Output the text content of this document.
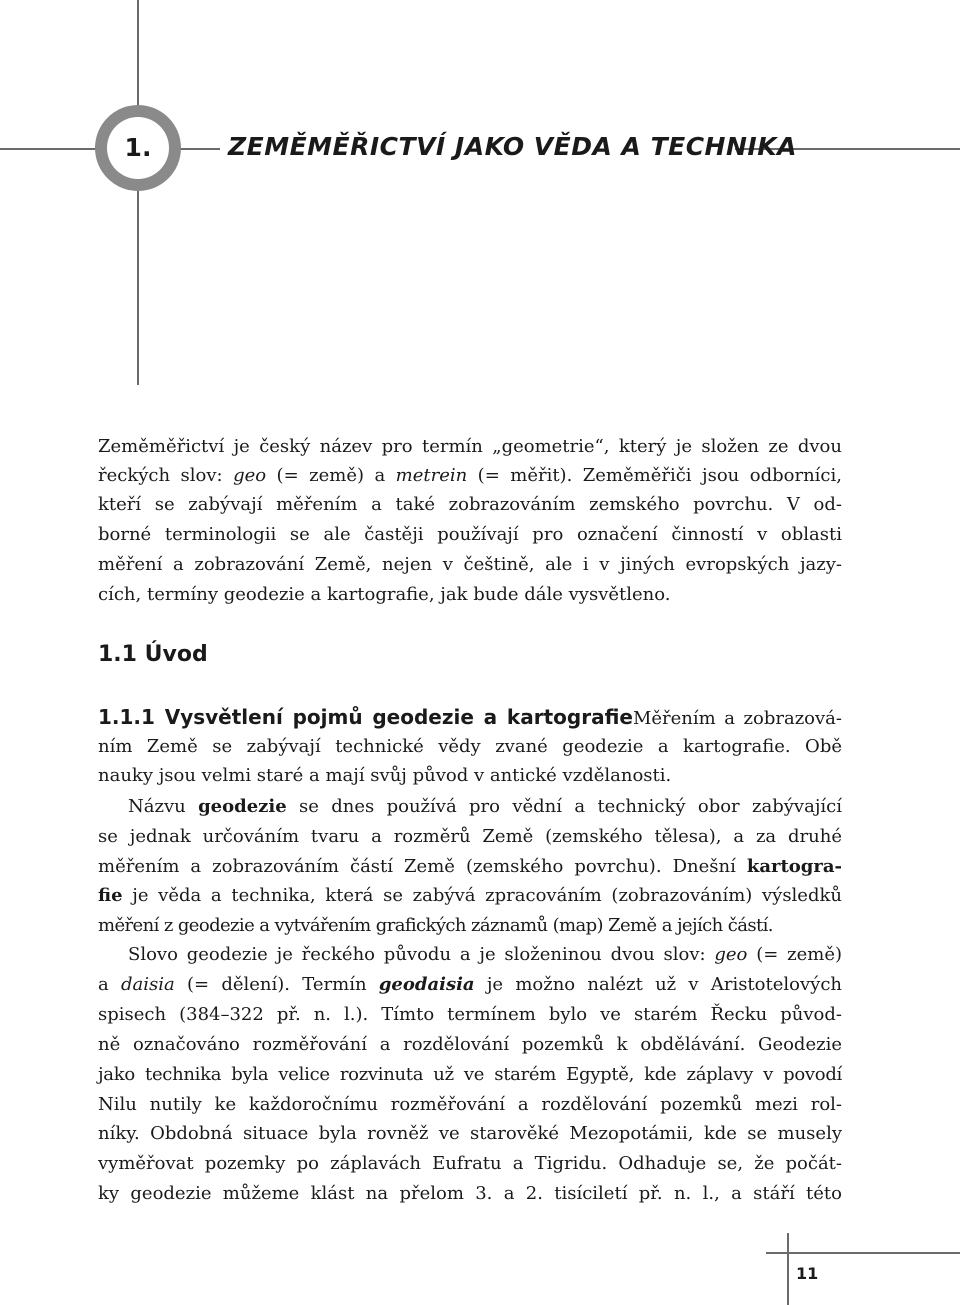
1.	ZEMĚMĚŘICTVÍ JAKO VĚDA A TECHNIKA
Zeměměřictví je český název pro termín „geometrie“, který je složen ze dvou
řeckých slov: geo (= země) a metrein (= měřit). Zeměměřiči jsou odborníci,
kteří se zabývají měřením a také zobrazováním zemského povrchu. V od-
borné terminologii se ale častěji používají pro označení činností v oblasti
měření a zobrazování Země, nejen v češtině, ale i v jiných evropských jazy-
cích, termíny geodezie a kartografie, jak bude dále vysvětleno.
1.1 Úvod
1.1.1 Vysvětlení pojmů geodezie a kartografieMěřením a zobrazová-
ním Země se zabývají technické vědy zvané geodezie a kartografie. Obě
nauky jsou velmi staré a mají svůj původ v antické vzdělanosti.
Názvu geodezie se dnes používá pro vědní a technický obor zabývající
se jednak určováním tvaru a rozměrů Země (zemského tělesa), a za druhé
měřením a zobrazováním částí Země (zemského povrchu). Dnešní kartogra-
fie je věda a technika, která se zabývá zpracováním (zobrazováním) výsledků
měření z geodezie a vytvářením grafických záznamů (map) Země a jejích částí.
Slovo geodezie je řeckého původu a je složeninou dvou slov: geo (= země)
a daisia (= dělení). Termín geodaisia je možno nalézt už v Aristotelových
spisech (384–322 př. n. l.). Tímto termínem bylo ve starém Řecku původ-
ně označováno rozměřování a rozdělování pozemků k obdělávání. Geodezie
jako technika byla velice rozvinuta už ve starém Egyptě, kde záplavy v povodí
Nilu nutily ke každoročnímu rozměřování a rozdělování pozemků mezi rol-
níky. Obdobná situace byla rovněž ve starověké Mezopotámii, kde se musely
vyměřovat pozemky po záplavách Eufratu a Tigridu. Odhaduje se, že počát-
ky geodezie můžeme klást na přelom 3. a 2. tisíciletí př. n. l., a stáří této
11
